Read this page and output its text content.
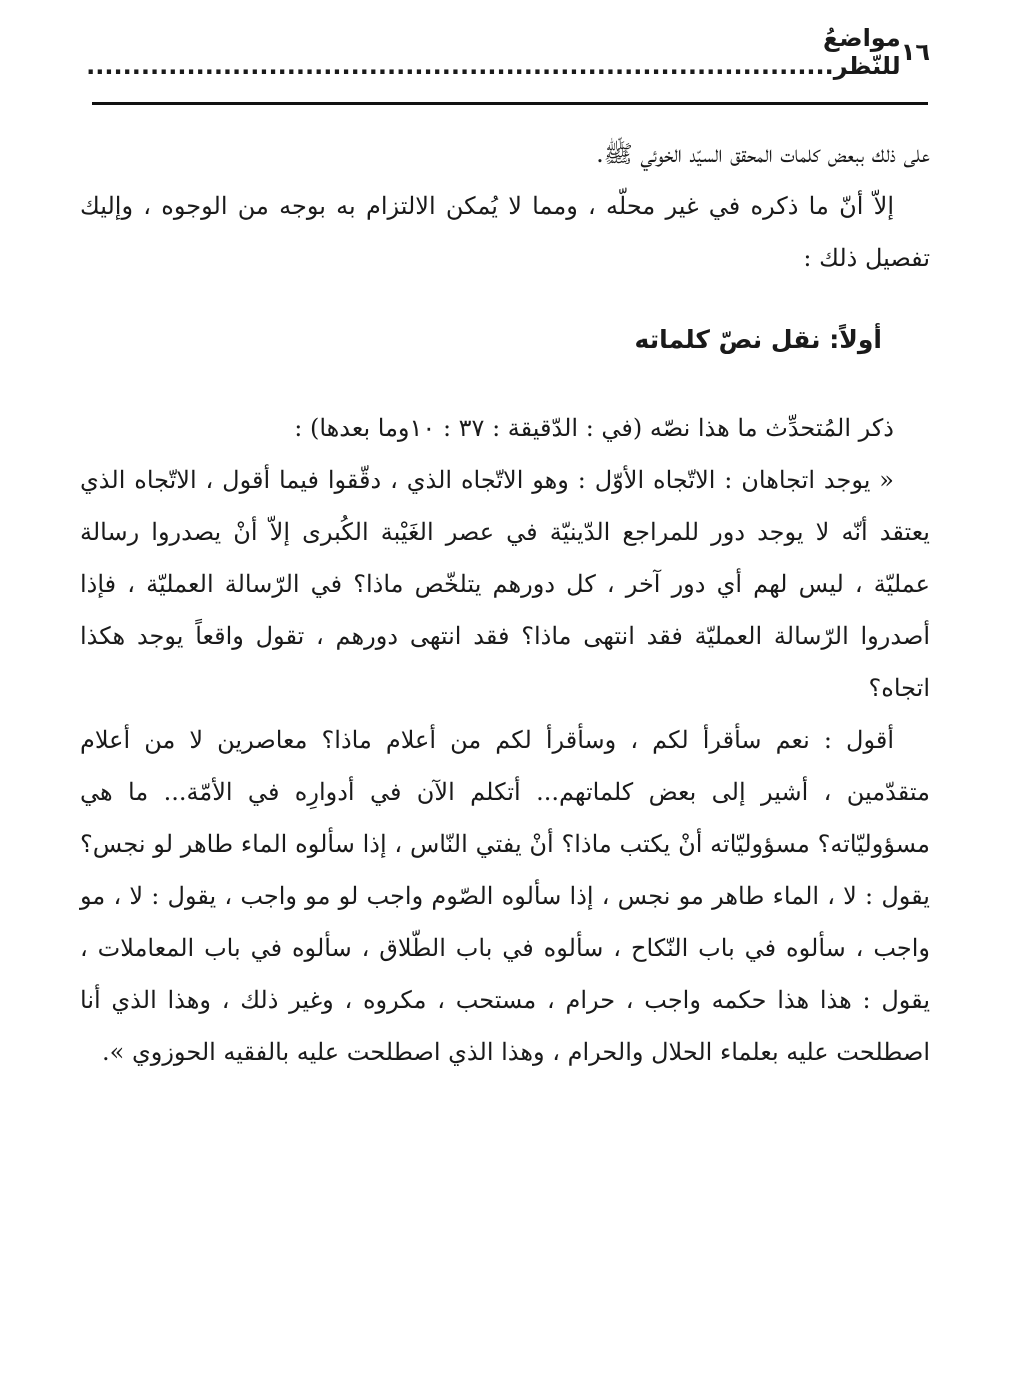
١٦
مواضعُ للنّظر..................................................................................

على ذلك ببعض كلمات المحقق السيّد الخوئي ﷺ.

إلاّ أنّ ما ذكره في غير محلّه ، ومما لا يُمكن الالتزام به بوجه من الوجوه ، وإليك تفصيل ذلك :

أولاً: نقل نصّ كلماته

ذكر المُتحدِّث ما هذا نصّه (في : الدّقيقة : ٣٧ : ١٠وما بعدها) :

« يوجد اتجاهان : الاتّجاه الأوّل : وهو الاتّجاه الذي ، دقّقوا فيما أقول ، الاتّجاه الذي يعتقد أنّه لا يوجد دور للمراجع الدّينيّة في عصر الغَيْبة الكُبرى إلاّ أنْ يصدروا رسالة عمليّة ، ليس لهم أي دور آخر ، كل دورهم يتلخّص ماذا؟ في الرّسالة العمليّة ، فإذا أصدروا الرّسالة العمليّة فقد انتهى ماذا؟ فقد انتهى دورهم ، تقول واقعاً يوجد هكذا اتجاه؟

أقول : نعم سأقرأ لكم ، وسأقرأ لكم من أعلام ماذا؟ معاصرين لا من أعلام متقدّمين ، أشير إلى بعض كلماتهم... أتكلم الآن في أدوارِه في الأمّة... ما هي مسؤوليّاته؟ مسؤوليّاته أنْ يكتب ماذا؟ أنْ يفتي النّاس ، إذا سألوه الماء طاهر لو نجس؟ يقول : لا ، الماء طاهر مو نجس ، إذا سألوه الصّوم واجب لو مو واجب ، يقول : لا ، مو واجب ، سألوه في باب النّكاح ، سألوه في باب الطّلاق ، سألوه في باب المعاملات ، يقول : هذا هذا حكمه واجب ، حرام ، مستحب ، مكروه ، وغير ذلك ، وهذا الذي أنا اصطلحت عليه بعلماء الحلال والحرام ، وهذا الذي اصطلحت عليه بالفقيه الحوزوي ».
